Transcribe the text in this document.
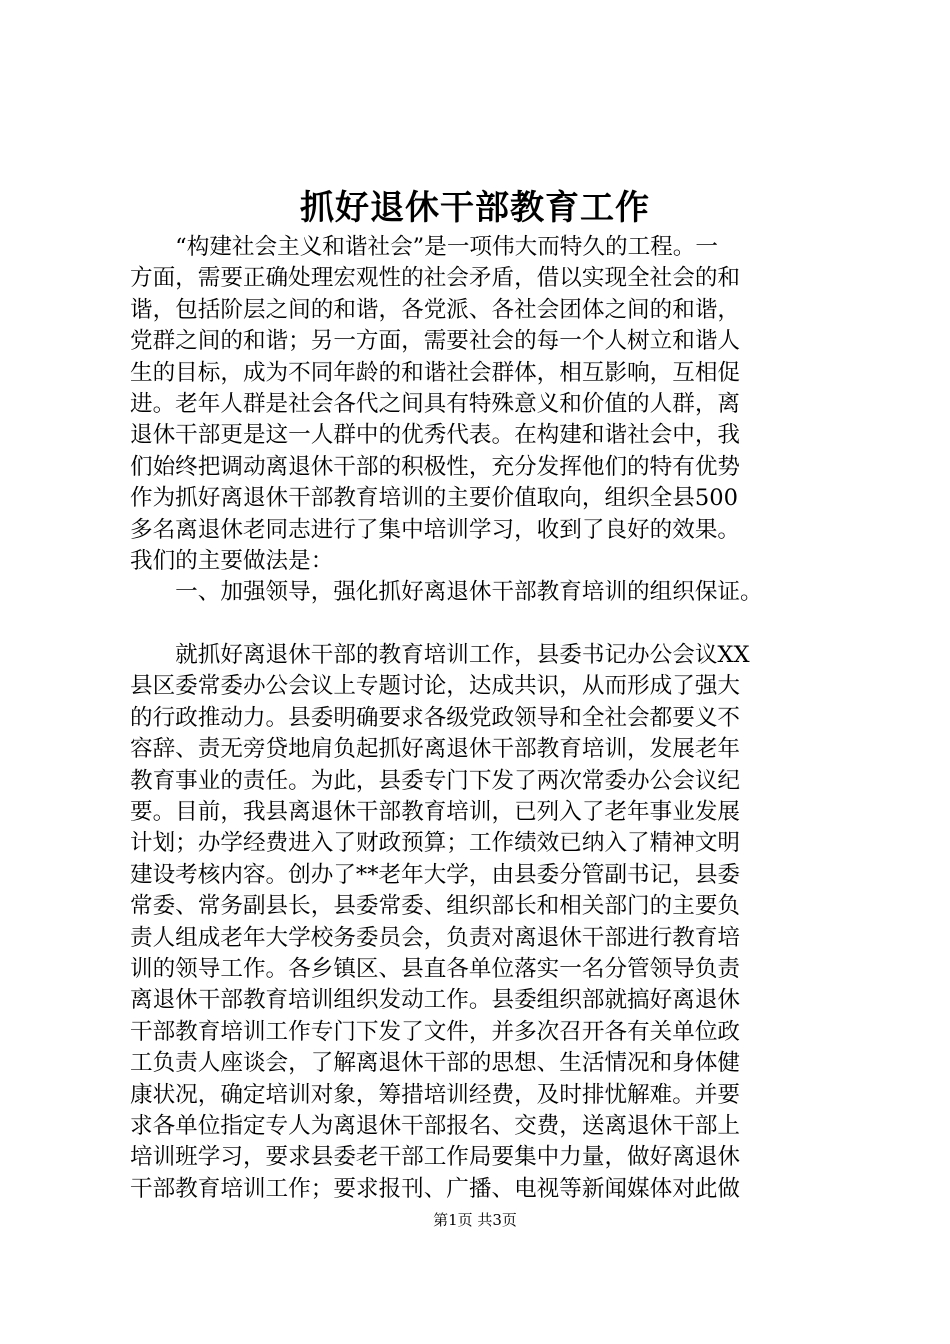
抓好退休干部教育工作
　　“构建社会主义和谐社会”是一项伟大而特久的工程。一
方面，需要正确处理宏观性的社会矛盾，借以实现全社会的和
谐，包括阶层之间的和谐，各党派、各社会团体之间的和谐，
党群之间的和谐；另一方面，需要社会的每一个人树立和谐人
生的目标，成为不同年龄的和谐社会群体，相互影响，互相促
进。老年人群是社会各代之间具有特殊意义和价值的人群，离
退休干部更是这一人群中的优秀代表。在构建和谐社会中，我
们始终把调动离退休干部的积极性，充分发挥他们的特有优势
作为抓好离退休干部教育培训的主要价值取向，组织全县500
多名离退休老同志进行了集中培训学习，收到了良好的效果。
我们的主要做法是：
　　一、加强领导，强化抓好离退休干部教育培训的组织保证。
　　就抓好离退休干部的教育培训工作，县委书记办公会议XX
县区委常委办公会议上专题讨论，达成共识，从而形成了强大
的行政推动力。县委明确要求各级党政领导和全社会都要义不
容辞、责无旁贷地肩负起抓好离退休干部教育培训，发展老年
教育事业的责任。为此，县委专门下发了两次常委办公会议纪
要。目前，我县离退休干部教育培训，已列入了老年事业发展
计划；办学经费进入了财政预算；工作绩效已纳入了精神文明
建设考核内容。创办了**老年大学，由县委分管副书记，县委
常委、常务副县长，县委常委、组织部长和相关部门的主要负
责人组成老年大学校务委员会，负责对离退休干部进行教育培
训的领导工作。各乡镇区、县直各单位落实一名分管领导负责
离退休干部教育培训组织发动工作。县委组织部就搞好离退休
干部教育培训工作专门下发了文件，并多次召开各有关单位政
工负责人座谈会，了解离退休干部的思想、生活情况和身体健
康状况，确定培训对象，筹措培训经费，及时排忧解难。并要
求各单位指定专人为离退休干部报名、交费，送离退休干部上
培训班学习，要求县委老干部工作局要集中力量，做好离退休
干部教育培训工作；要求报刊、广播、电视等新闻媒体对此做
第1页 共3页
